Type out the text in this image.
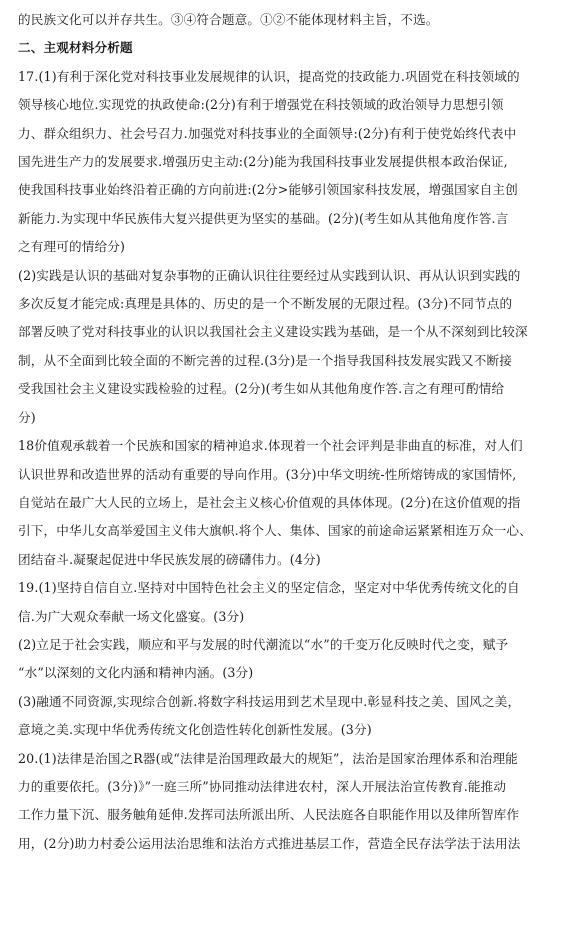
的民族文化可以并存共生。③④符合题意。①②不能体现材料主旨，不选。
二、主观材料分析题
17.(1)有利于深化党对科技事业发展规律的认识，提高党的技政能力.巩固党在科技领域的
领导核心地位.实现党的执政使命:(2分)有利于增强党在科技领域的政治领导力思想引领
力、群众组织力、社会号召力.加强党对科技事业的全面领导:(2分)有利于使党始终代表中
国先进生产力的发展要求.增强历史主动:(2分)能为我国科技事业发展提供根本政治保证,
使我国科技事业始终沿着正确的方向前进:(2分>能够引领国家科技发展，增强国家自主创
新能力.为实现中华民族伟大复兴提供更为坚实的基础。(2分)(考生如从其他角度作答.言
之有理可的情给分)
(2)实践是认识的基础对复杂事物的正确认识往往要经过从实践到认识、再从认识到实践的
多次反复才能完成:真理是具体的、历史的是一个不断发展的无限过程。(3分)不同节点的
部署反映了党对科技事业的认识以我国社会主义建设实践为基础，是一个从不深刻到比较深
制，从不全面到比较全面的不断完善的过程.(3分)是一个指导我国科技发展实践又不断接
受我国社会主义建设实践检验的过程。(2分)(考生如从其他角度作答.言之有理可酌情给
分)
18价值观承载着一个民族和国家的精神追求.体现着一个社会评判是非曲直的标准，对人们
认识世界和改造世界的活动有重要的导向作用。(3分)中华文明统-性所熔铸成的家国情怀,
自觉站在最广大人民的立场上，是社会主义核心价值观的具体体现。(2分)在这价值观的指
引下，中华儿女高举爱国主义伟大旗帜.将个人、集体、国家的前途命运紧紧相连万众一心、
团结奋斗.凝聚起促进中华民族发展的磅礴伟力。(4分)
19.(1)坚持自信自立.坚持对中国特色社会主义的坚定信念，坚定对中华优秀传统文化的自
信.为广大观众奉献一场文化盛宴。(3分)
(2)立足于社会实践，顺应和平与发展的时代潮流以“水”的千变万化反映时代之变，赋予
“水”以深刻的文化内涵和精神内涵。(3分)
(3)融通不同资源,实现综合创新.将数字科技运用到艺术呈现中.彰显科技之美、国风之美，
意境之美.实现中华优秀传统文化创造性转化创新性发展。(3分)
20.(1)法律是治国之R器(或“法律是治国理政最大的规矩”，法治是国家治理体系和治理能
力的重要依托。(3分)》”一庭三所”协同推动法律进农村，深人开展法治宣传教育.能推动
工作力量下沉、服务触角延伸.发挥司法所派出所、人民法庭各自职能作用以及律所智库作
用，(2分)助力村委公运用法治思维和法治方式推进基层工作，营造全民存法学法于法用法
